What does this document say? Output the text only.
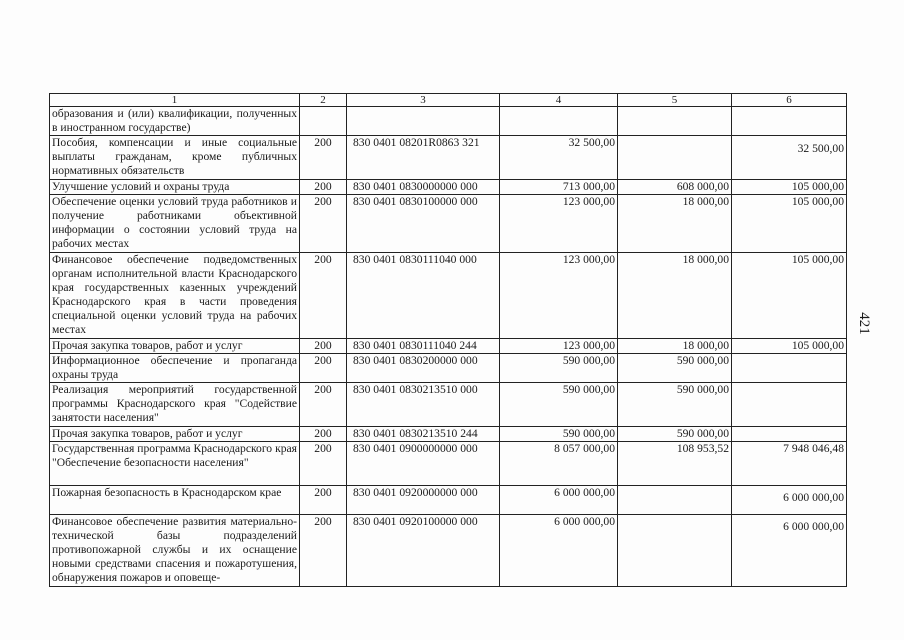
1	2	3	4	5	6
образования и (или) квалификации, полученных в иностранном государстве)					
Пособия, компенсации и иные социальные выплаты гражданам, кроме публичных нормативных обязательств	200	830 0401 08201R0863 321	32 500,00		32 500,00
Улучшение условий и охраны труда	200	830 0401 0830000000 000	713 000,00	608 000,00	105 000,00
Обеспечение оценки условий труда работников и получение работниками объективной информации о состоянии условий труда на рабочих местах	200	830 0401 0830100000 000	123 000,00	18 000,00	105 000,00
Финансовое обеспечение подведомственных органам исполнительной власти Краснодарского края государственных казенных учреждений Краснодарского края в части проведения специальной оценки условий труда на рабочих местах	200	830 0401 0830111040 000	123 000,00	18 000,00	105 000,00
Прочая закупка товаров, работ и услуг	200	830 0401 0830111040 244	123 000,00	18 000,00	105 000,00
Информационное обеспечение и пропаганда охраны труда	200	830 0401 0830200000 000	590 000,00	590 000,00	
Реализация мероприятий государственной программы Краснодарского края "Содействие занятости населения"	200	830 0401 0830213510 000	590 000,00	590 000,00	
Прочая закупка товаров, работ и услуг	200	830 0401 0830213510 244	590 000,00	590 000,00	
Государственная программа Краснодарского края "Обеспечение безопасности населения"	200	830 0401 0900000000 000	8 057 000,00	108 953,52	7 948 046,48
Пожарная безопасность в Краснодарском крае	200	830 0401 0920000000 000	6 000 000,00		6 000 000,00
Финансовое обеспечение развития материально-технической базы подразделений противопожарной службы и их оснащение новыми средствами спасения и пожаротушения, обнаружения пожаров и оповеще-	200	830 0401 0920100000 000	6 000 000,00		6 000 000,00
421
